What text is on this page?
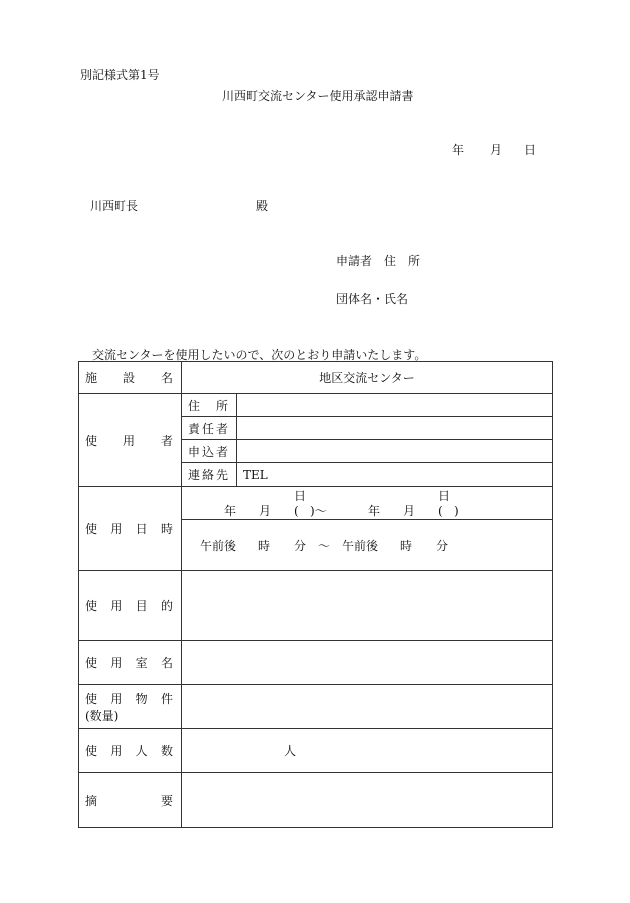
別記様式第1号
川西町交流センター使用承認申請書
年 月 日
川西町長	殿
申請者　住　所
団体名・氏名
交流センターを使用したいので、次のとおり申請いたします。
施 設 名	地区交流センター	

使 用 者	住 所	

	責 任 者	

	申 込 者	

	連 絡 先	TEL

使 用 日 時	年 月日( )〜 年 月日( )	
	午前後 時 分 〜 午前後 時 分	

使 用 目 的		

使 用 室 名		

使 用 物 件
(数量)		

使 用 人 数	人	

摘 要		
